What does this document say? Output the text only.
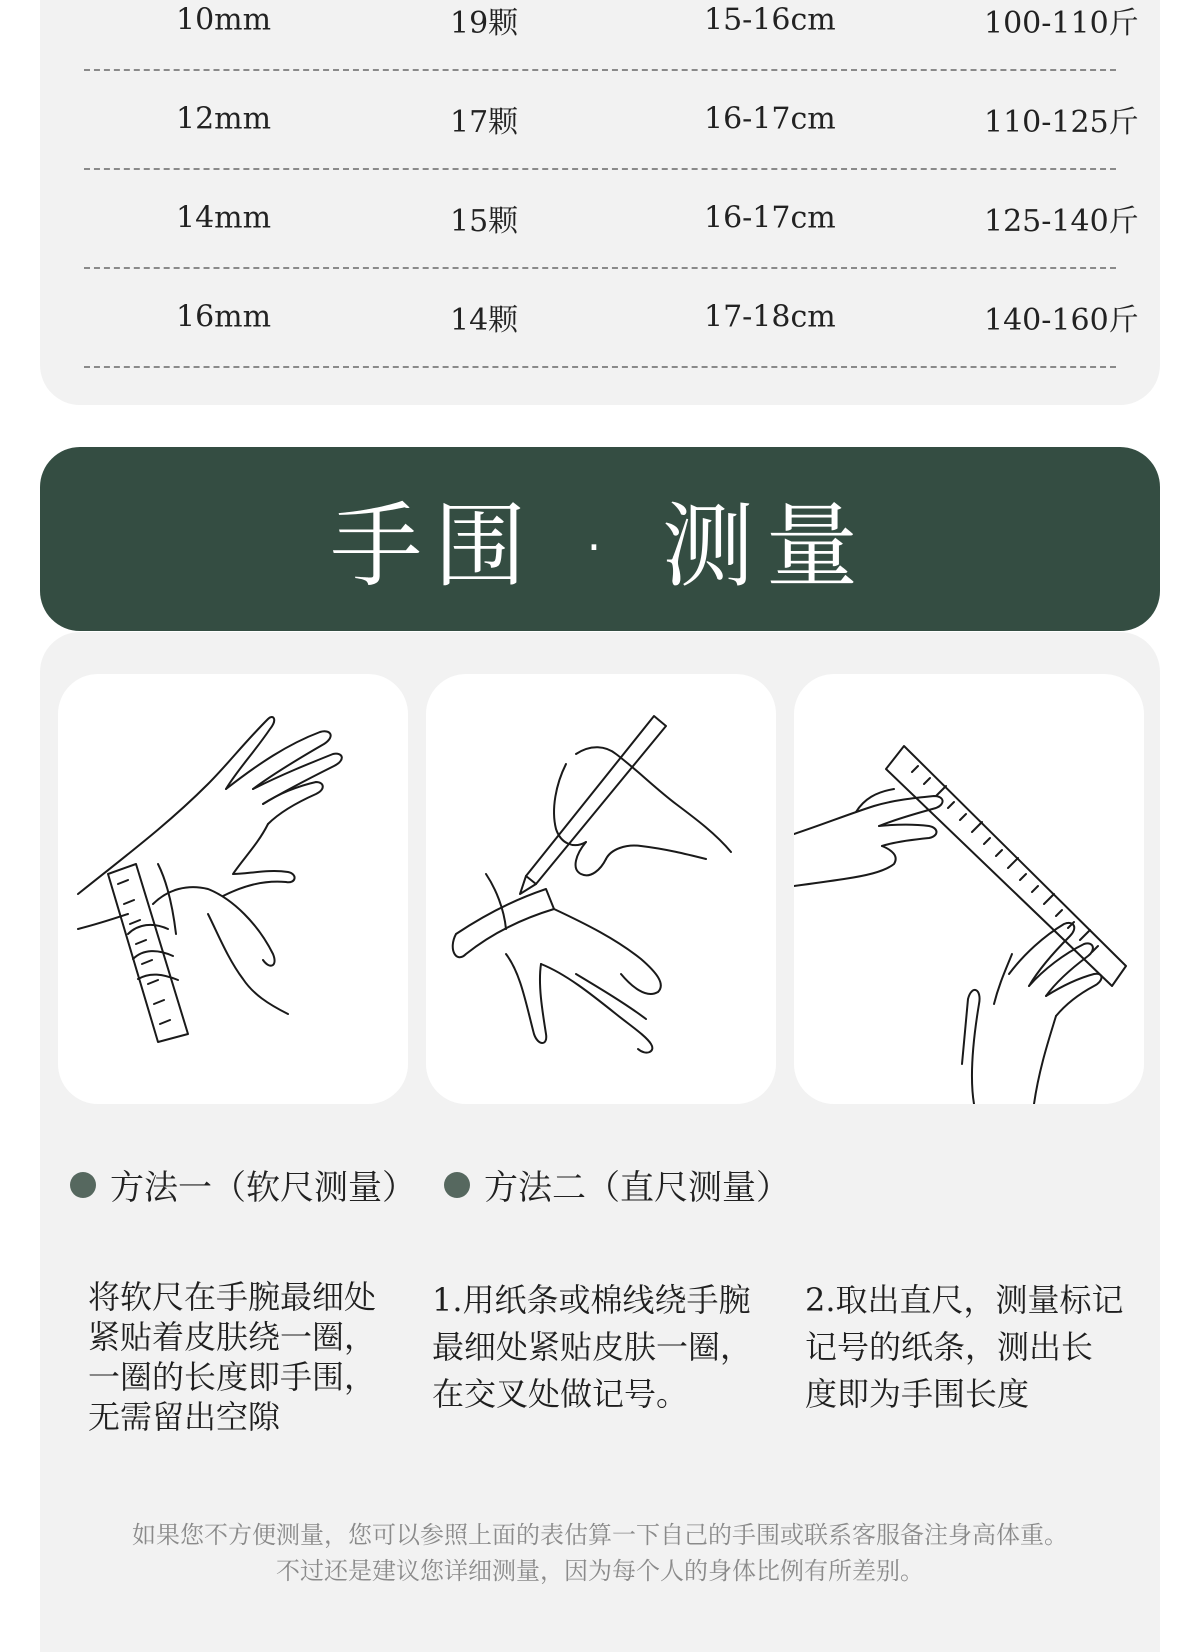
10mm	19颗	15-16cm	100-110斤
12mm	17颗	16-17cm	110-125斤
14mm	15颗	16-17cm	125-140斤
16mm	14颗	17-18cm	140-160斤
手围 · 测量
方法一（软尺测量） 方法二（直尺测量）
将软尺在手腕最细处
紧贴着皮肤绕一圈，
一圈的长度即手围，
无需留出空隙
1.用纸条或棉线绕手腕
最细处紧贴皮肤一圈，
在交叉处做记号。
2.取出直尺，测量标记
记号的纸条，测出长
度即为手围长度
如果您不方便测量，您可以参照上面的表估算一下自己的手围或联系客服备注身高体重。
不过还是建议您详细测量，因为每个人的身体比例有所差别。
